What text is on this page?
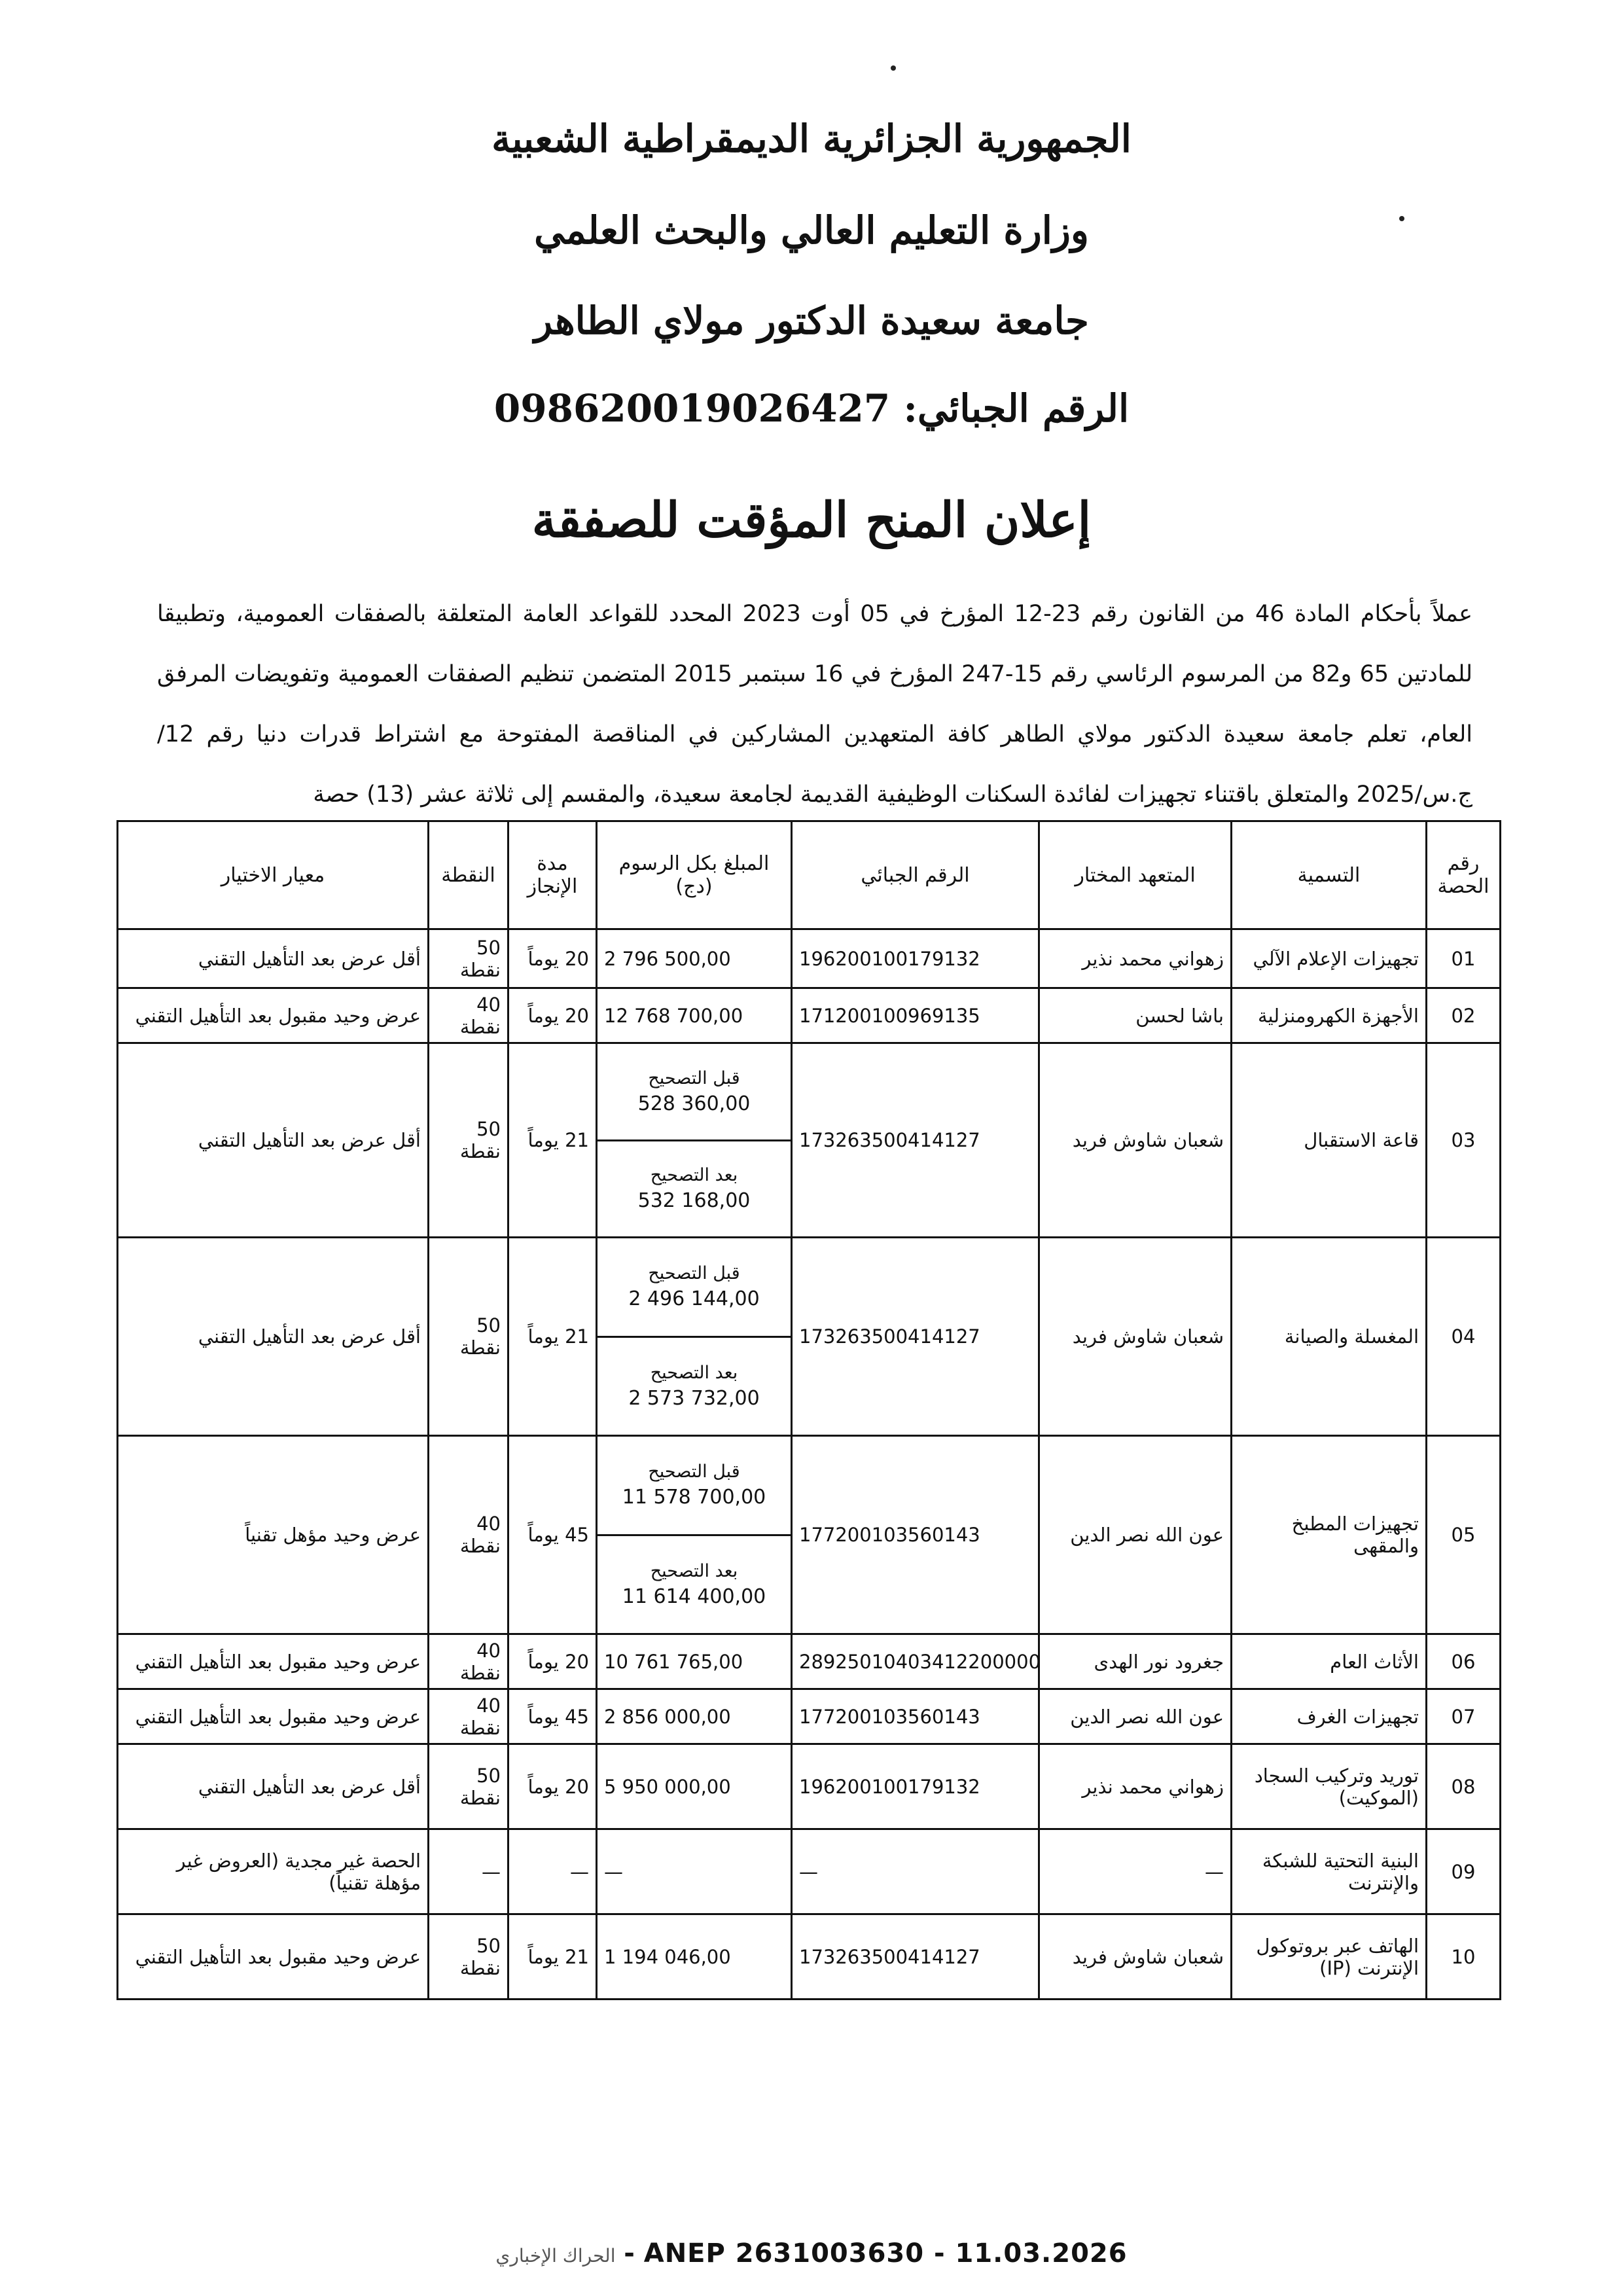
الجمهورية الجزائرية الديمقراطية الشعبية
وزارة التعليم العالي والبحث العلمي
جامعة سعيدة الدكتور مولاي الطاهر
الرقم الجبائي: 098620019026427
إعلان المنح المؤقت للصفقة
عملاً بأحكام المادة 46 من القانون رقم 23-12 المؤرخ في 05 أوت 2023 المحدد للقواعد العامة المتعلقة بالصفقات العمومية، وتطبيقا للمادتين 65 و82 من المرسوم الرئاسي رقم 15-247 المؤرخ في 16 سبتمبر 2015 المتضمن تنظيم الصفقات العمومية وتفويضات المرفق العام، تعلم جامعة سعيدة الدكتور مولاي الطاهر كافة المتعهدين المشاركين في المناقصة المفتوحة مع اشتراط قدرات دنيا رقم 12/ج.س/2025 والمتعلق باقتناء تجهيزات لفائدة السكنات الوظيفية القديمة لجامعة سعيدة، والمقسم إلى ثلاثة عشر (13) حصة
رقم الحصة	التسمية	المتعهد المختار	الرقم الجبائي	المبلغ بكل الرسوم (دج)	مدة الإنجاز	النقطة	معيار الاختيار
01	تجهيزات الإعلام الآلي	زهواني محمد نذير	196200100179132	2 796 500,00	20 يوماً	50 نقطة	أقل عرض بعد التأهيل التقني
02	الأجهزة الكهرومنزلية	باشا لحسن	171200100969135	12 768 700,00	20 يوماً	40 نقطة	عرض وحيد مقبول بعد التأهيل التقني
03	قاعة الاستقبال	شعبان شاوش فريد	173263500414127	قبل التصحيح
528 360,00
بعد التصحيح
532 168,00	21 يوماً	50 نقطة	أقل عرض بعد التأهيل التقني
04	المغسلة والصيانة	شعبان شاوش فريد	173263500414127	قبل التصحيح
2 496 144,00
بعد التصحيح
2 573 732,00	21 يوماً	50 نقطة	أقل عرض بعد التأهيل التقني
05	تجهيزات المطبخ والمقهى	عون الله نصر الدين	177200103560143	قبل التصحيح
11 578 700,00
بعد التصحيح
11 614 400,00	45 يوماً	40 نقطة	عرض وحيد مؤهل تقنياً
06	الأثاث العام	جغرود نور الهدى	28925010403412200000	10 761 765,00	20 يوماً	40 نقطة	عرض وحيد مقبول بعد التأهيل التقني
07	تجهيزات الغرف	عون الله نصر الدين	177200103560143	2 856 000,00	45 يوماً	40 نقطة	عرض وحيد مقبول بعد التأهيل التقني
08	توريد وتركيب السجاد (الموكيت)	زهواني محمد نذير	196200100179132	5 950 000,00	20 يوماً	50 نقطة	أقل عرض بعد التأهيل التقني
09	البنية التحتية للشبكة والإنترنت	—	—	—	—	—	الحصة غير مجدية (العروض غير مؤهلة تقنياً)
10	الهاتف عبر بروتوكول الإنترنت (IP)	شعبان شاوش فريد	173263500414127	1 194 046,00	21 يوماً	50 نقطة	عرض وحيد مقبول بعد التأهيل التقني
الحراك الإخباري - ANEP 2631003630 - 11.03.2026
